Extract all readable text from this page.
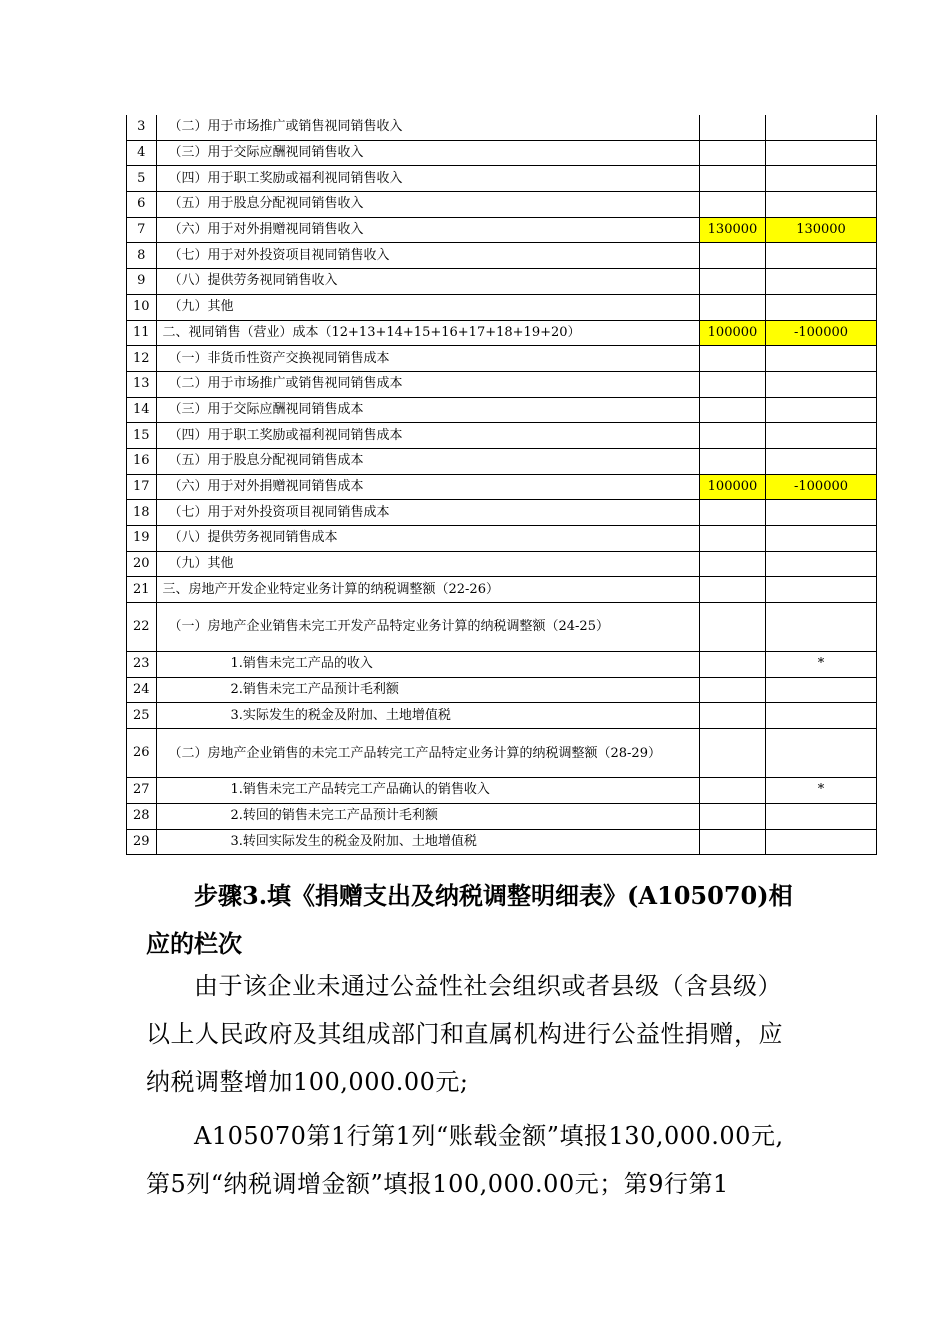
3	（二）用于市场推广或销售视同销售收入		
4	（三）用于交际应酬视同销售收入		
5	（四）用于职工奖励或福利视同销售收入		
6	（五）用于股息分配视同销售收入		
7	（六）用于对外捐赠视同销售收入	130000	130000
8	（七）用于对外投资项目视同销售收入		
9	（八）提供劳务视同销售收入		
10	（九）其他		
11	二、视同销售（营业）成本（12+13+14+15+16+17+18+19+20）	100000	-100000
12	（一）非货币性资产交换视同销售成本		
13	（二）用于市场推广或销售视同销售成本		
14	（三）用于交际应酬视同销售成本		
15	（四）用于职工奖励或福利视同销售成本		
16	（五）用于股息分配视同销售成本		
17	（六）用于对外捐赠视同销售成本	100000	-100000
18	（七）用于对外投资项目视同销售成本		
19	（八）提供劳务视同销售成本		
20	（九）其他		
21	三、房地产开发企业特定业务计算的纳税调整额（22-26）		
22	（一）房地产企业销售未完工开发产品特定业务计算的纳税调整额（24-25）		
23	1.销售未完工产品的收入		*
24	2.销售未完工产品预计毛利额		
25	3.实际发生的税金及附加、土地增值税		
26	（二）房地产企业销售的未完工产品转完工产品特定业务计算的纳税调整额（28-29）		
27	1.销售未完工产品转完工产品确认的销售收入		*
28	2.转回的销售未完工产品预计毛利额		
29	3.转回实际发生的税金及附加、土地增值税		
步骤3.填《捐赠支出及纳税调整明细表》(A105070)相
应的栏次
由于该企业未通过公益性社会组织或者县级（含县级）
以上人民政府及其组成部门和直属机构进行公益性捐赠，应
纳税调整增加100,000.00元;
A105070第1行第1列“账载金额”填报130,000.00元,
第5列“纳税调增金额”填报100,000.00元；第9行第1
